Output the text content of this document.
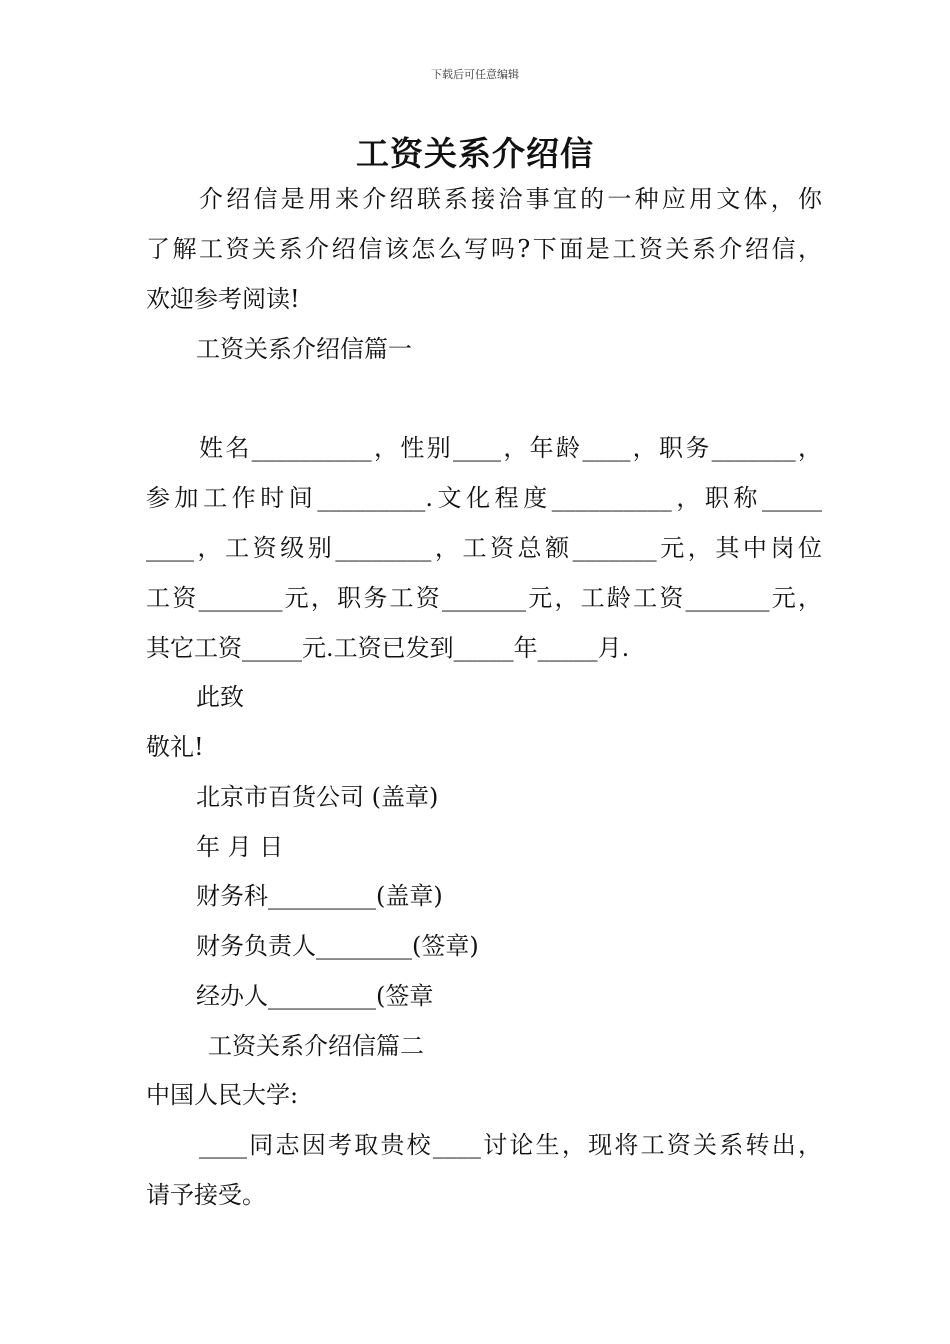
下载后可任意编辑
工资关系介绍信
介绍信是用来介绍联系接洽事宜的一种应用文体，你
了解工资关系介绍信该怎么写吗?下面是工资关系介绍信，
欢迎参考阅读!
工资关系介绍信篇一
姓名__________，性别____，年龄____，职务_______，
参加工作时间_________.文化程度__________，职称_____
____，工资级别________，工资总额_______元，其中岗位
工资_______元，职务工资_______元，工龄工资_______元，
其它工资_____元.工资已发到_____年_____月.
此致
敬礼!
北京市百货公司 (盖章)
年 月 日
财务科_________(盖章)
财务负责人________(签章)
经办人_________(签章
工资关系介绍信篇二
中国人民大学:
____同志因考取贵校____讨论生，现将工资关系转出，
请予接受。
